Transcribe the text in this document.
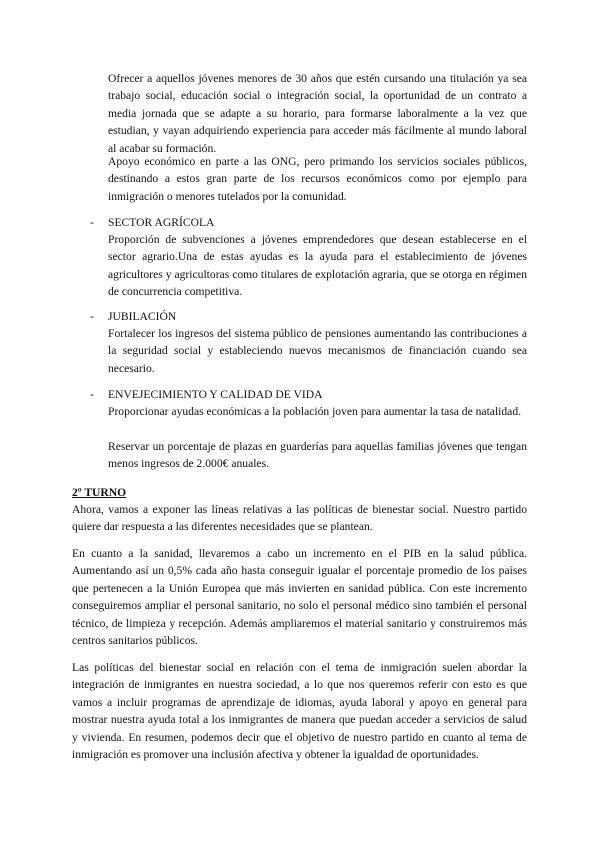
Ofrecer a aquellos jóvenes menores de 30 años que estén cursando una titulación ya sea trabajo social, educación social o integración social, la oportunidad de un contrato a media jornada que se adapte a su horario, para formarse laboralmente a la vez que estudian, y vayan adquiriendo experiencia para acceder más fácilmente al mundo laboral al acabar su formación.

Apoyo económico en parte a las ONG, pero primando los servicios sociales públicos, destinando a estos gran parte de los recursos económicos como por ejemplo para inmigración o menores tutelados por la comunidad.

- SECTOR AGRÍCOLA

Proporción de subvenciones a jóvenes emprendedores que desean establecerse en el sector agrario.Una de estas ayudas es la ayuda para el establecimiento de jóvenes agricultores y agricultoras como titulares de explotación agraria, que se otorga en régimen de concurrencia competitiva.

- JUBILACIÓN

Fortalecer los ingresos del sistema público de pensiones aumentando las contribuciones a la seguridad social y estableciendo nuevos mecanismos de financiación cuando sea necesario.

- ENVEJECIMIENTO Y CALIDAD DE VIDA

Proporcionar ayudas económicas a la población joven para aumentar la tasa de natalidad.

Reservar un porcentaje de plazas en guarderías para aquellas familias jóvenes que tengan menos ingresos de 2.000€ anuales.

2º TURNO

Ahora, vamos a exponer las líneas relativas a las políticas de bienestar social. Nuestro partido quiere dar respuesta a las diferentes necesidades que se plantean.

En cuanto a la sanidad, llevaremos a cabo un incremento en el PIB en la salud pública. Aumentando así un 0,5% cada año hasta conseguir igualar el porcentaje promedio de los países que pertenecen a la Unión Europea que más invierten en sanidad pública. Con este incremento conseguiremos ampliar el personal sanitario, no solo el personal médico sino también el personal técnico, de limpieza y recepción. Además ampliaremos el material sanitario y construiremos más centros sanitarios públicos.

Las políticas del bienestar social en relación con el tema de inmigración suelen abordar la integración de inmigrantes en nuestra sociedad, a lo que nos queremos referir con esto es que vamos a incluir programas de aprendizaje de idiomas, ayuda laboral y apoyo en general para mostrar nuestra ayuda total a los inmigrantes de manera que puedan acceder a servicios de salud y vivienda. En resumen, podemos decir que el objetivo de nuestro partido en cuanto al tema de inmigración es promover una inclusión afectiva y obtener la igualdad de oportunidades.
